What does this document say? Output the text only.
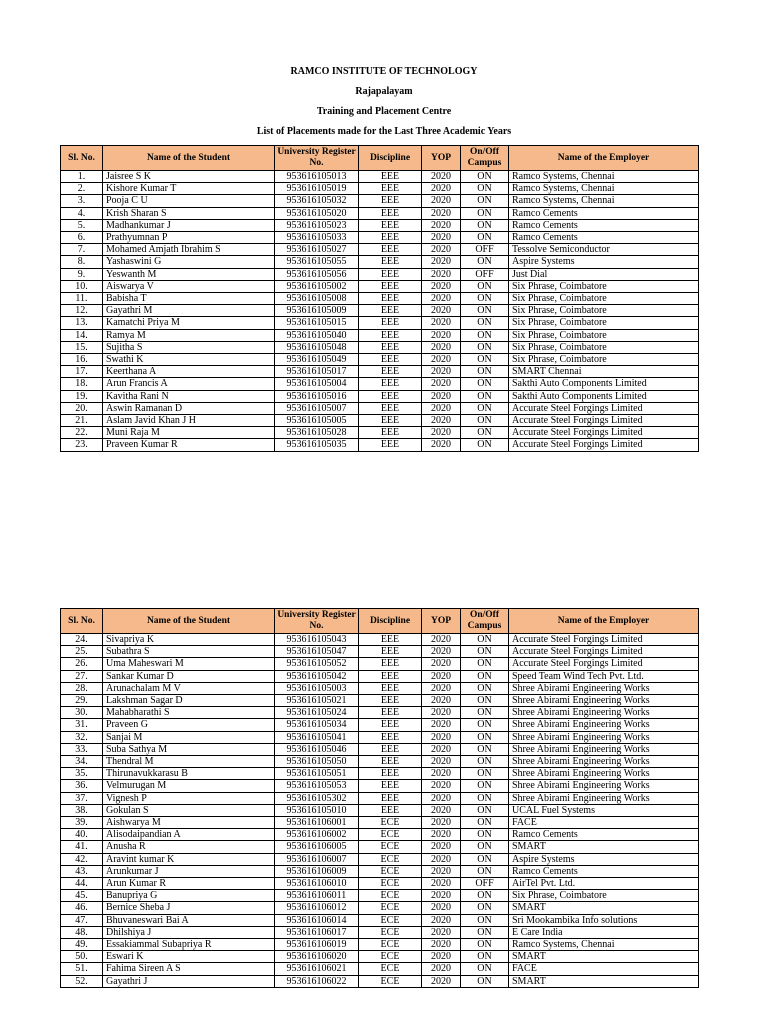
RAMCO INSTITUTE OF TECHNOLOGY
Rajapalayam
Training and Placement Centre
List of Placements made for the Last Three Academic Years
Sl. No.	Name of the Student	University Register No.	Discipline	YOP	On/Off Campus	Name of the Employer
1.	Jaisree S K	953616105013	EEE	2020	ON	Ramco Systems, Chennai
2.	Kishore Kumar T	953616105019	EEE	2020	ON	Ramco Systems, Chennai
3.	Pooja C U	953616105032	EEE	2020	ON	Ramco Systems, Chennai
4.	Krish Sharan S	953616105020	EEE	2020	ON	Ramco Cements
5.	Madhankumar J	953616105023	EEE	2020	ON	Ramco Cements
6.	Prathyumnan P	953616105033	EEE	2020	ON	Ramco Cements
7.	Mohamed Amjath Ibrahim S	953616105027	EEE	2020	OFF	Tessolve Semiconductor
8.	Yashaswini G	953616105055	EEE	2020	ON	Aspire Systems
9.	Yeswanth M	953616105056	EEE	2020	OFF	Just Dial
10.	Aiswarya V	953616105002	EEE	2020	ON	Six Phrase, Coimbatore
11.	Babisha T	953616105008	EEE	2020	ON	Six Phrase, Coimbatore
12.	Gayathri M	953616105009	EEE	2020	ON	Six Phrase, Coimbatore
13.	Kamatchi Priya M	953616105015	EEE	2020	ON	Six Phrase, Coimbatore
14.	Ramya M	953616105040	EEE	2020	ON	Six Phrase, Coimbatore
15.	Sujitha S	953616105048	EEE	2020	ON	Six Phrase, Coimbatore
16.	Swathi K	953616105049	EEE	2020	ON	Six Phrase, Coimbatore
17.	Keerthana A	953616105017	EEE	2020	ON	SMART Chennai
18.	Arun Francis A	953616105004	EEE	2020	ON	Sakthi Auto Components Limited
19.	Kavitha Rani N	953616105016	EEE	2020	ON	Sakthi Auto Components Limited
20.	Aswin Ramanan D	953616105007	EEE	2020	ON	Accurate Steel Forgings Limited
21.	Aslam Javid Khan J H	953616105005	EEE	2020	ON	Accurate Steel Forgings Limited
22.	Muni Raja M	953616105028	EEE	2020	ON	Accurate Steel Forgings Limited
23.	Praveen Kumar R	953616105035	EEE	2020	ON	Accurate Steel Forgings Limited
Sl. No.	Name of the Student	University Register No.	Discipline	YOP	On/Off Campus	Name of the Employer
24.	Sivapriya K	953616105043	EEE	2020	ON	Accurate Steel Forgings Limited
25.	Subathra S	953616105047	EEE	2020	ON	Accurate Steel Forgings Limited
26.	Uma Maheswari M	953616105052	EEE	2020	ON	Accurate Steel Forgings Limited
27.	Sankar Kumar D	953616105042	EEE	2020	ON	Speed Team Wind Tech Pvt. Ltd.
28.	Arunachalam M V	953616105003	EEE	2020	ON	Shree Abirami Engineering Works
29.	Lakshman Sagar D	953616105021	EEE	2020	ON	Shree Abirami Engineering Works
30.	Mahabharathi S	953616105024	EEE	2020	ON	Shree Abirami Engineering Works
31.	Praveen G	953616105034	EEE	2020	ON	Shree Abirami Engineering Works
32.	Sanjai M	953616105041	EEE	2020	ON	Shree Abirami Engineering Works
33.	Suba Sathya M	953616105046	EEE	2020	ON	Shree Abirami Engineering Works
34.	Thendral M	953616105050	EEE	2020	ON	Shree Abirami Engineering Works
35.	Thirunavukkarasu B	953616105051	EEE	2020	ON	Shree Abirami Engineering Works
36.	Velmurugan M	953616105053	EEE	2020	ON	Shree Abirami Engineering Works
37.	Vignesh P	953616105302	EEE	2020	ON	Shree Abirami Engineering Works
38.	Gokulan S	953616105010	EEE	2020	ON	UCAL Fuel Systems
39.	Aishwarya M	953616106001	ECE	2020	ON	FACE
40.	Alisodaipandian A	953616106002	ECE	2020	ON	Ramco Cements
41.	Anusha R	953616106005	ECE	2020	ON	SMART
42.	Aravint kumar K	953616106007	ECE	2020	ON	Aspire Systems
43.	Arunkumar J	953616106009	ECE	2020	ON	Ramco Cements
44.	Arun Kumar R	953616106010	ECE	2020	OFF	AirTel Pvt. Ltd.
45.	Banupriya G	953616106011	ECE	2020	ON	Six Phrase, Coimbatore
46.	Bernice Sheba J	953616106012	ECE	2020	ON	SMART
47.	Bhuvaneswari Bai A	953616106014	ECE	2020	ON	Sri Mookambika Info solutions
48.	Dhilshiya J	953616106017	ECE	2020	ON	E Care India
49.	Essakiammal Subapriya R	953616106019	ECE	2020	ON	Ramco Systems, Chennai
50.	Eswari K	953616106020	ECE	2020	ON	SMART
51.	Fahima Sireen A S	953616106021	ECE	2020	ON	FACE
52.	Gayathri J	953616106022	ECE	2020	ON	SMART
